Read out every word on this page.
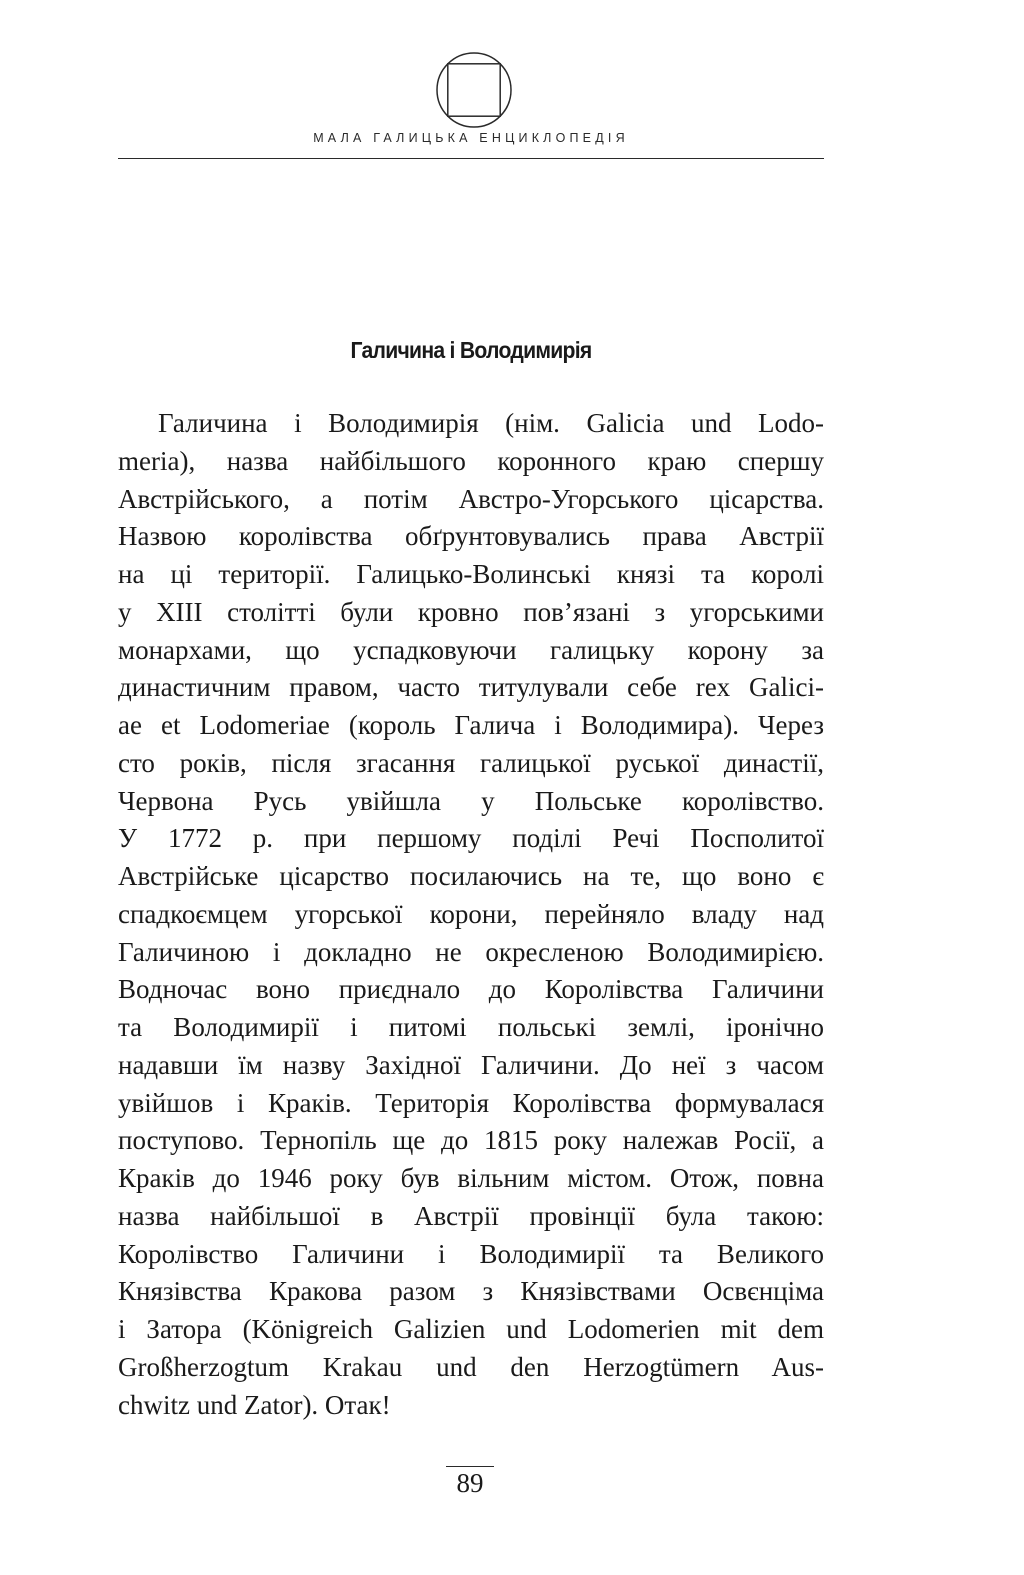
МАЛА ГАЛИЦЬКА ЕНЦИКЛОПЕДІЯ
Галичина і Володимирія
Галичина і Володимирія (нім. Galicia und Lodo-
meria), назва найбільшого коронного краю спершу
Австрійського, а потім Австро-Угорського цісарства.
Назвою королівства обґрунтовувались права Австрії
на ці території. Галицько-Волинські князі та королі
у XIII столітті були кровно пов’язані з угорськими
монархами, що успадковуючи галицьку корону за
династичним правом, часто титулували себе rex Galici-
ae et Lodomeriae (король Галича і Володимира). Через
сто років, після згасання галицької руської династії,
Червона Русь увійшла у Польське королівство.
У 1772 р. при першому поділі Речі Посполитої
Австрійське цісарство посилаючись на те, що воно є
спадкоємцем угорської корони, перейняло владу над
Галичиною і докладно не окресленою Володимирією.
Водночас воно приєднало до Королівства Галичини
та Володимирії і питомі польські землі, іронічно
надавши їм назву Західної Галичини. До неї з часом
увійшов і Краків. Територія Королівства формувалася
поступово. Тернопіль ще до 1815 року належав Росії, а
Краків до 1946 року був вільним містом. Отож, повна
назва найбільшої в Австрії провінції була такою:
Королівство Галичини і Володимирії та Великого
Князівства Кракова разом з Князівствами Освєнціма
і Затора (Königreich Galizien und Lodomerien mit dem
Großherzogtum Krakau und den Herzogtümern Aus-
chwitz und Zator). Отак!
89
